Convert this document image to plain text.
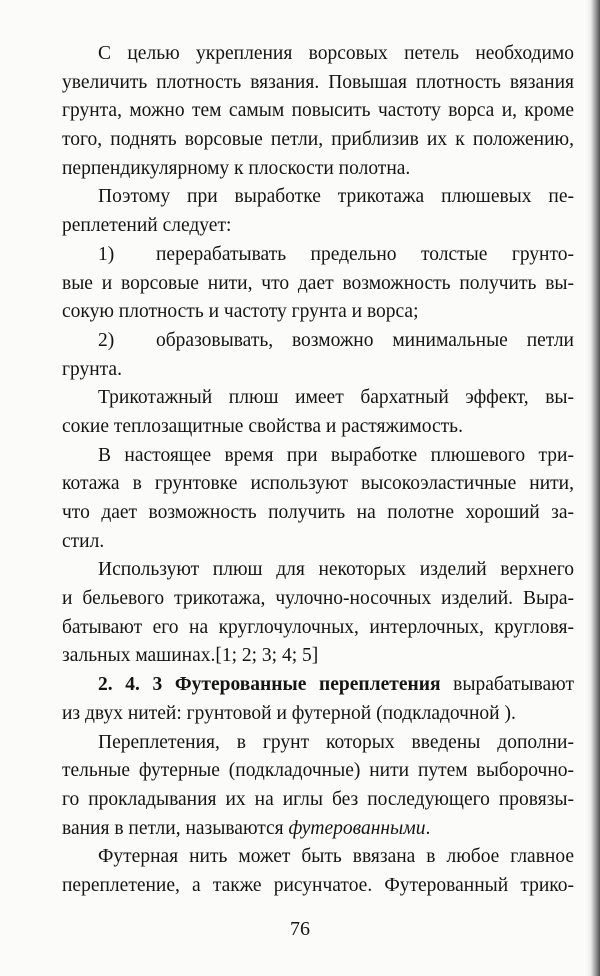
С целью укрепления ворсовых петель необходимо
увеличить плотность вязания. Повышая плотность вязания
грунта, можно тем самым повысить частоту ворса и, кроме
того, поднять ворсовые петли, приблизив их к положению,
перпендикулярному к плоскости полотна.
Поэтому при выработке трикотажа плюшевых пе-
реплетений следует:
1)	перерабатывать предельно толстые грунто-
вые и ворсовые нити, что дает возможность получить вы-
сокую плотность и частоту грунта и ворса;
2)	образовывать, возможно минимальные петли
грунта.
Трикотажный плюш имеет бархатный эффект, вы-
сокие теплозащитные свойства и растяжимость.
В настоящее время при выработке плюшевого три-
котажа в грунтовке используют высокоэластичные нити,
что дает возможность получить на полотне хороший за-
стил.
Используют плюш для некоторых изделий верхнего
и бельевого трикотажа, чулочно-носочных изделий. Выра-
батывают его на круглочулочных, интерлочных, кругловя-
зальных машинах.[1; 2; 3; 4; 5]
2. 4. 3 Футерованные переплетения вырабатывают
из двух нитей: грунтовой и футерной (подкладочной ).
Переплетения, в грунт которых введены дополни-
тельные футерные (подкладочные) нити путем выборочно-
го прокладывания их на иглы без последующего провязы-
вания в петли, называются футерованными.
Футерная нить может быть ввязана в любое главное
переплетение, а также рисунчатое. Футерованный трико-
76
